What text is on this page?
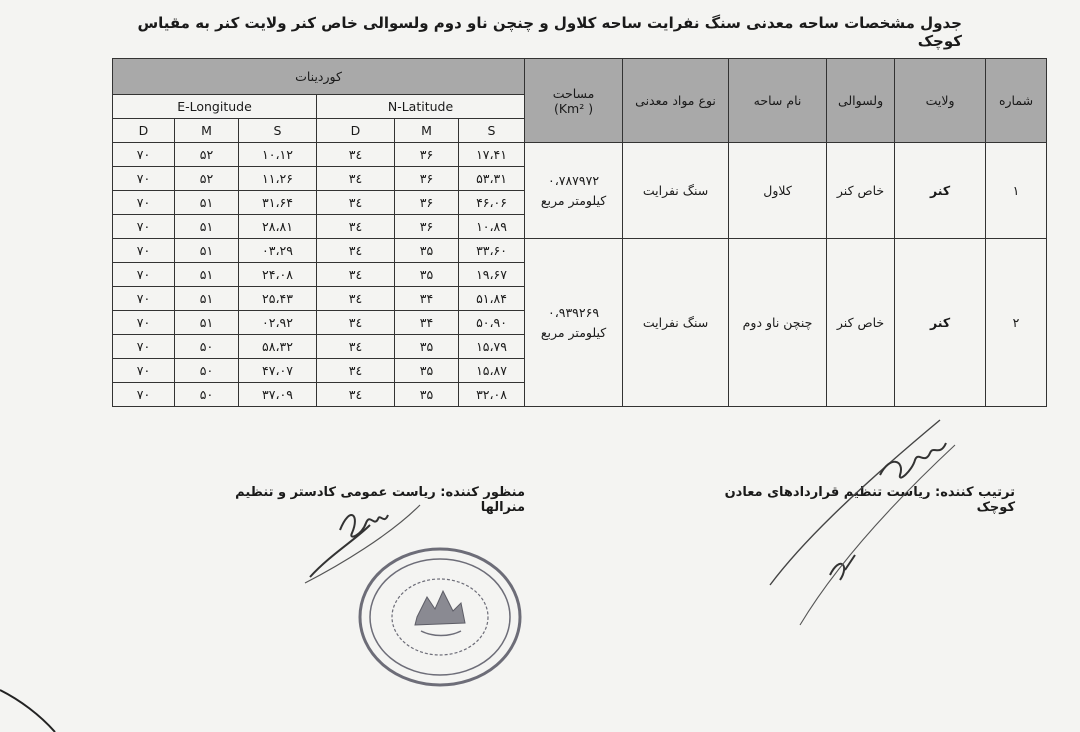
جدول مشخصات ساحه معدنی سنگ نفرایت ساحه کلاول و چنچن ناو دوم ولسوالی خاص کنر ولایت کنر به مقیاس کوچک
کوردینات						مساحت
(Km² )	نوع مواد معدنی	نام ساحه	ولسوالی	ولایت	شماره
E-Longitude			N-Latitude								
D	M	S	D	M	S						
۷۰	۵۲	۱۰،۱۲	۳٤	۳۶	۱۷،۴۱	۰،۷۸۷۹۷۲
کیلومتر مربع	سنگ نفرایت	کلاول	خاص کنر	کنر	۱
۷۰	۵۲	۱۱،۲۶	۳٤	۳۶	۵۳،۳۱						
۷۰	۵۱	۳۱،۶۴	۳٤	۳۶	۴۶،۰۶						
۷۰	۵۱	۲۸،۸۱	۳٤	۳۶	۱۰،۸۹						
۷۰	۵۱	۰۳،۲۹	۳٤	۳۵	۳۳،۶۰	۰،۹۳۹۲۶۹
کیلومتر مربع	سنگ نفرایت	چنچن ناو دوم	خاص کنر	کنر	۲
۷۰	۵۱	۲۴،۰۸	۳٤	۳۵	۱۹،۶۷						
۷۰	۵۱	۲۵،۴۳	۳٤	۳۴	۵۱،۸۴						
۷۰	۵۱	۰۲،۹۲	۳٤	۳۴	۵۰،۹۰						
۷۰	۵۰	۵۸،۳۲	۳٤	۳۵	۱۵،۷۹						
۷۰	۵۰	۴۷،۰۷	۳٤	۳۵	۱۵،۸۷						
۷۰	۵۰	۳۷،۰۹	۳٤	۳۵	۳۲،۰۸						
منظور کننده: ریاست عمومی کادستر و تنظیم منرالها
ترتیب کننده: ریاست تنظیم قراردادهای معادن کوچک
